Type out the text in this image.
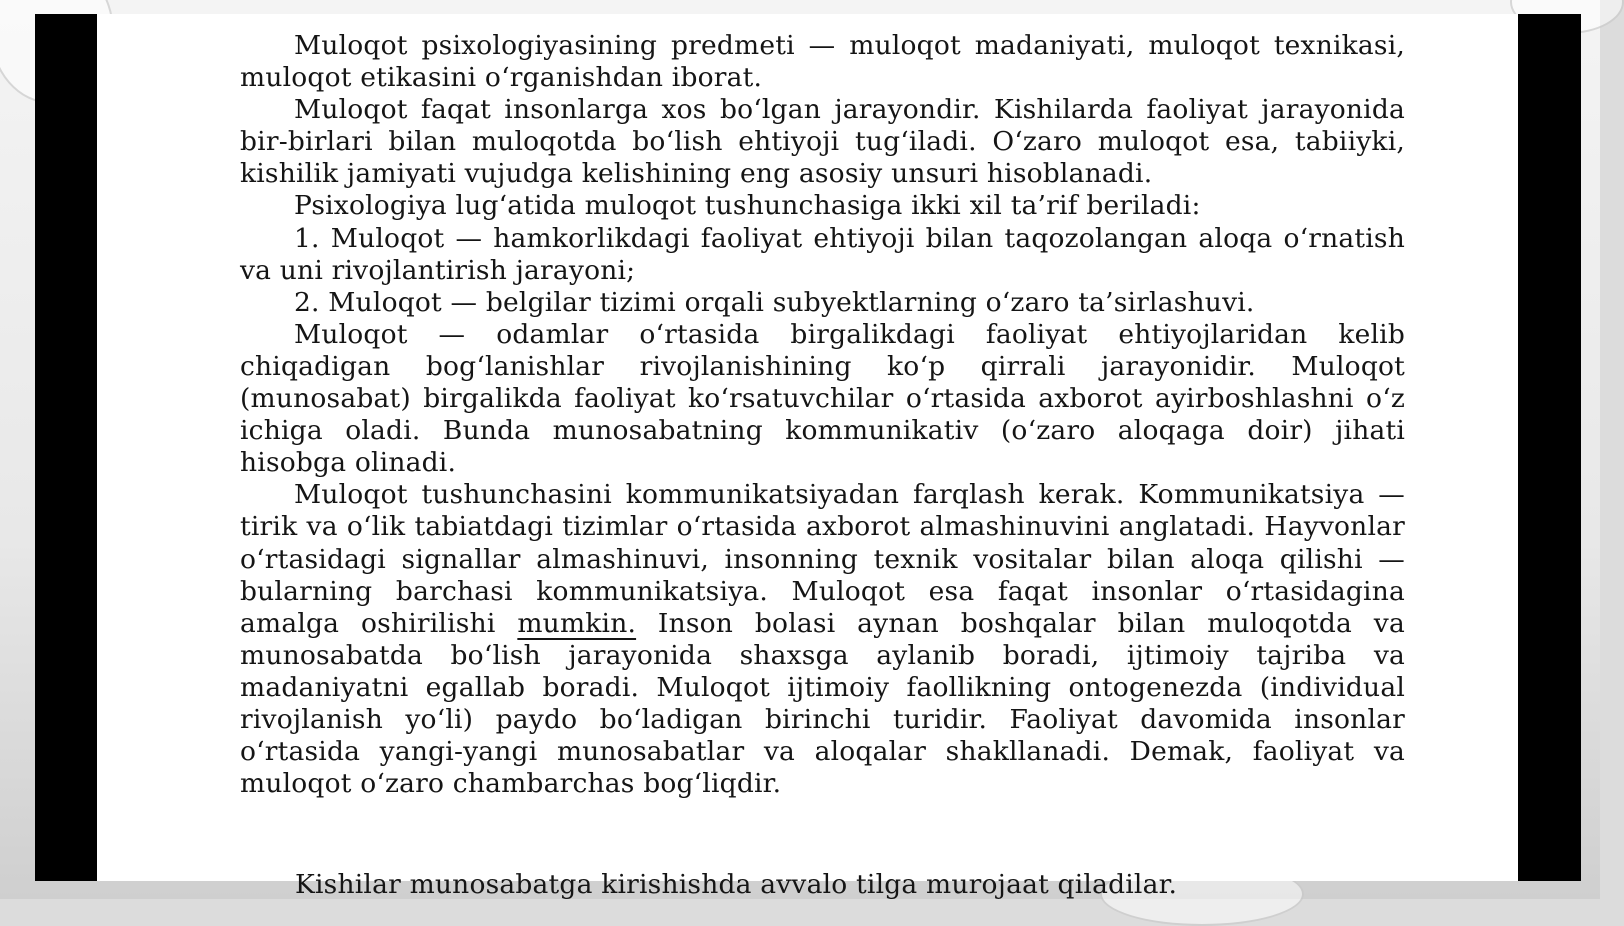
Muloqot psixologiyasining predmeti — muloqot madaniyati, muloqot texnikasi, muloqot etikasini o‘rganishdan iborat.

Muloqot faqat insonlarga xos bo‘lgan jarayondir. Kishilarda faoliyat jarayonida bir-birlari bilan muloqotda bo‘lish ehtiyoji tug‘iladi. O‘zaro muloqot esa, tabiiyki, kishilik jamiyati vujudga kelishining eng asosiy unsuri hisoblanadi.

Psixologiya lug‘atida muloqot tushunchasiga ikki xil ta’rif beriladi:

1. Muloqot — hamkorlikdagi faoliyat ehtiyoji bilan taqozolangan aloqa o‘rnatish va uni rivojlantirish jarayoni;

2. Muloqot — belgilar tizimi orqali subyektlarning o‘zaro ta’sirlashuvi.

Muloqot — odamlar o‘rtasida birgalikdagi faoliyat ehtiyojlaridan kelib chiqadigan bog‘lanishlar rivojlanishining ko‘p qirrali jarayonidir. Muloqot (munosabat) birgalikda faoliyat ko‘rsatuvchilar o‘rtasida axborot ayirboshlashni o‘z ichiga oladi. Bunda munosabatning kommunikativ (o‘zaro aloqaga doir) jihati hisobga olinadi.

Muloqot tushunchasini kommunikatsiyadan farqlash kerak. Kommunikatsiya — tirik va o‘lik tabiatdagi tizimlar o‘rtasida axborot almashinuvini anglatadi. Hayvonlar o‘rtasidagi signallar almashinuvi, insonning texnik vositalar bilan aloqa qilishi — bularning barchasi kommunikatsiya. Muloqot esa faqat insonlar o‘rtasidagina amalga oshirilishi mumkin. Inson bolasi aynan boshqalar bilan muloqotda va munosabatda bo‘lish jarayonida shaxsga aylanib boradi, ijtimoiy tajriba va madaniyatni egallab boradi. Muloqot ijtimoiy faollikning ontogenezda (individual rivojlanish yo‘li) paydo bo‘ladigan birinchi turidir. Faoliyat davomida insonlar o‘rtasida yangi-yangi munosabatlar va aloqalar shakllanadi. Demak, faoliyat va muloqot o‘zaro chambarchas bog‘liqdir.

Kishilar munosabatga kirishishda avvalo tilga murojaat qiladilar.
